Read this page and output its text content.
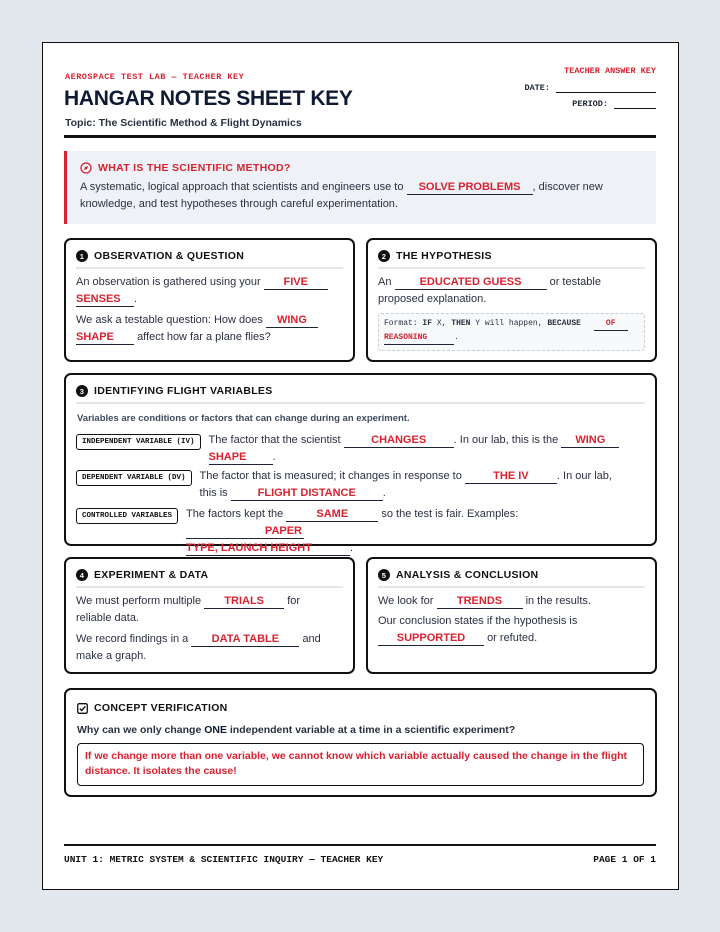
AEROSPACE TEST LAB — TEACHER KEY
HANGAR NOTES SHEET KEY
Topic: The Scientific Method & Flight Dynamics
TEACHER ANSWER KEY
DATE:
PERIOD:
WHAT IS THE SCIENTIFIC METHOD?
A systematic, logical approach that scientists and engineers use to SOLVE PROBLEMS , discover new
knowledge, and test hypotheses through careful experimentation.
1 OBSERVATION & QUESTION
An observation is gathered using your FIVE
SENSES .
We ask a testable question: How does WING
SHAPE affect how far a plane flies?
2 THE HYPOTHESIS
An	EDUCATED GUESS	or testable
proposed explanation.
Format: IF X, THEN Y will happen, BECAUSE	OF
REASONING	.
3 IDENTIFYING FLIGHT VARIABLES
Variables are conditions or factors that can change during an experiment.
INDEPENDENT VARIABLE (IV)	The factor that the scientist	CHANGES	. In our lab, this is the WING
SHAPE .
DEPENDENT VARIABLE (DV)	The factor that is measured; it changes in response to	THE IV	. In our lab,
this is	FLIGHT DISTANCE .
CONTROLLED VARIABLES	The factors kept the	SAME	so the test is fair. Examples: PAPER
TYPE, LAUNCH HEIGHT	.
4 EXPERIMENT & DATA
We must perform multiple TRIALS for
reliable data.
We record findings in a DATA TABLE and
make a graph.
5 ANALYSIS & CONCLUSION
We look for TRENDS in the results.
Our conclusion states if the hypothesis is
SUPPORTED or refuted.
CONCEPT VERIFICATION
Why can we only change ONE independent variable at a time in a scientific experiment?
If we change more than one variable, we cannot know which variable actually caused the change in the flight distance. It isolates the cause!
UNIT 1: METRIC SYSTEM & SCIENTIFIC INQUIRY — TEACHER KEY	PAGE 1 OF 1
